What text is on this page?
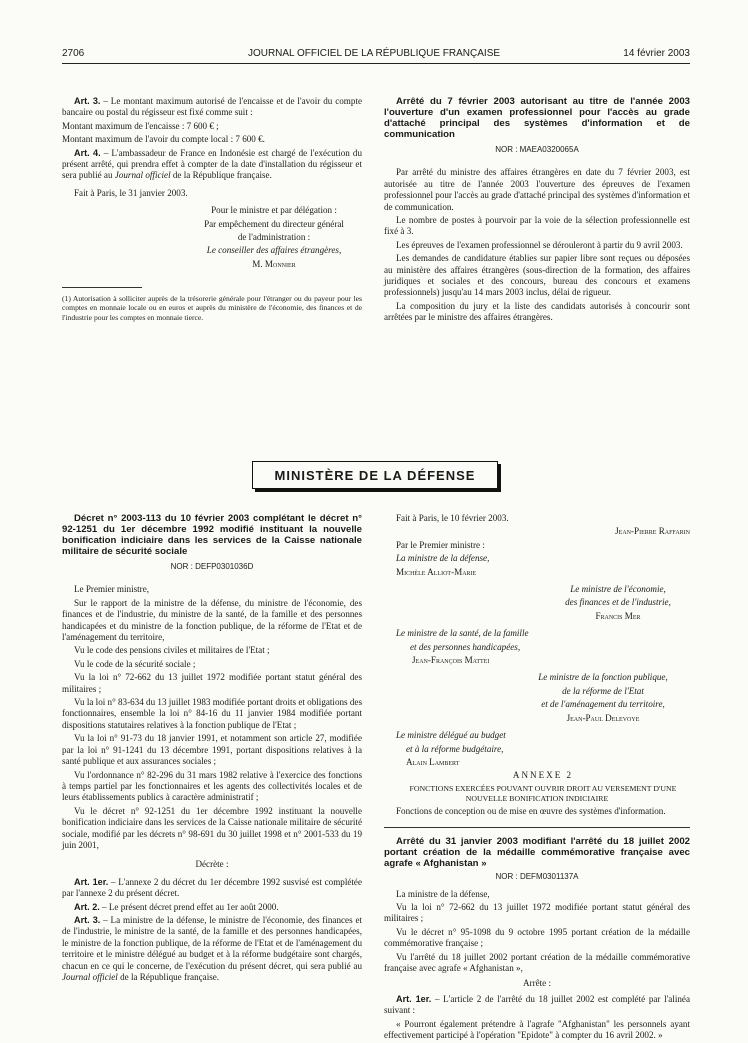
2706	JOURNAL OFFICIEL DE LA RÉPUBLIQUE FRANÇAISE	14 février 2003

Art. 3. – Le montant maximum autorisé de l'encaisse et de l'avoir du compte bancaire ou postal du régisseur est fixé comme suit :

Montant maximum de l'encaisse : 7 600 € ;

Montant maximum de l'avoir du compte local : 7 600 €.

Art. 4. – L'ambassadeur de France en Indonésie est chargé de l'exécution du présent arrêté, qui prendra effet à compter de la date d'installation du régisseur et sera publié au Journal officiel de la République française.

Fait à Paris, le 31 janvier 2003.

Pour le ministre et par délégation :

Par empêchement du directeur général

de l'administration :

Le conseiller des affaires étrangères,

M. Monnier

(1) Autorisation à solliciter auprès de la trésorerie générale pour l'étranger ou du payeur pour les comptes en monnaie locale ou en euros et auprès du ministère de l'économie, des finances et de l'industrie pour les comptes en monnaie tierce.

Arrêté du 7 février 2003 autorisant au titre de l'année 2003 l'ouverture d'un examen professionnel pour l'accès au grade d'attaché principal des systèmes d'information et de communication

NOR : MAEA0320065A

Par arrêté du ministre des affaires étrangères en date du 7 février 2003, est autorisée au titre de l'année 2003 l'ouverture des épreuves de l'examen professionnel pour l'accès au grade d'attaché principal des systèmes d'information et de communication.

Le nombre de postes à pourvoir par la voie de la sélection professionnelle est fixé à 3.

Les épreuves de l'examen professionnel se dérouleront à partir du 9 avril 2003.

Les demandes de candidature établies sur papier libre sont reçues ou déposées au ministère des affaires étrangères (sous-direction de la formation, des affaires juridiques et sociales et des concours, bureau des concours et examens professionnels) jusqu'au 14 mars 2003 inclus, délai de rigueur.

La composition du jury et la liste des candidats autorisés à concourir sont arrêtées par le ministre des affaires étrangères.

MINISTÈRE DE LA DÉFENSE

Décret n° 2003-113 du 10 février 2003 complétant le décret n° 92-1251 du 1er décembre 1992 modifié instituant la nouvelle bonification indiciaire dans les services de la Caisse nationale militaire de sécurité sociale

NOR : DEFP0301036D

Le Premier ministre,

Sur le rapport de la ministre de la défense, du ministre de l'économie, des finances et de l'industrie, du ministre de la santé, de la famille et des personnes handicapées et du ministre de la fonction publique, de la réforme de l'Etat et de l'aménagement du territoire,

Vu le code des pensions civiles et militaires de l'Etat ;

Vu le code de la sécurité sociale ;

Vu la loi n° 72-662 du 13 juillet 1972 modifiée portant statut général des militaires ;

Vu la loi n° 83-634 du 13 juillet 1983 modifiée portant droits et obligations des fonctionnaires, ensemble la loi n° 84-16 du 11 janvier 1984 modifiée portant dispositions statutaires relatives à la fonction publique de l'Etat ;

Vu la loi n° 91-73 du 18 janvier 1991, et notamment son article 27, modifiée par la loi n° 91-1241 du 13 décembre 1991, portant dispositions relatives à la santé publique et aux assurances sociales ;

Vu l'ordonnance n° 82-296 du 31 mars 1982 relative à l'exercice des fonctions à temps partiel par les fonctionnaires et les agents des collectivités locales et de leurs établissements publics à caractère administratif ;

Vu le décret n° 92-1251 du 1er décembre 1992 instituant la nouvelle bonification indiciaire dans les services de la Caisse nationale militaire de sécurité sociale, modifié par les décrets n° 98-691 du 30 juillet 1998 et n° 2001-533 du 19 juin 2001,

Décrète :

Art. 1er. – L'annexe 2 du décret du 1er décembre 1992 susvisé est complétée par l'annexe 2 du présent décret.

Art. 2. – Le présent décret prend effet au 1er août 2000.

Art. 3. – La ministre de la défense, le ministre de l'économie, des finances et de l'industrie, le ministre de la santé, de la famille et des personnes handicapées, le ministre de la fonction publique, de la réforme de l'Etat et de l'aménagement du territoire et le ministre délégué au budget et à la réforme budgétaire sont chargés, chacun en ce qui le concerne, de l'exécution du présent décret, qui sera publié au Journal officiel de la République française.

Fait à Paris, le 10 février 2003.

Jean-Pierre Raffarin

Par le Premier ministre :

La ministre de la défense,

Michèle Alliot-Marie

Le ministre de l'économie,

des finances et de l'industrie,

Francis Mer

Le ministre de la santé, de la famille

et des personnes handicapées,

Jean-François Mattei

Le ministre de la fonction publique,

de la réforme de l'Etat

et de l'aménagement du territoire,

Jean-Paul Delevoye

Le ministre délégué au budget

et à la réforme budgétaire,

Alain Lambert

ANNEXE 2

FONCTIONS EXERCÉES POUVANT OUVRIR DROIT AU VERSEMENT D'UNE NOUVELLE BONIFICATION INDICIAIRE

Fonctions de conception ou de mise en œuvre des systèmes d'information.

Arrêté du 31 janvier 2003 modifiant l'arrêté du 18 juillet 2002 portant création de la médaille commémorative française avec agrafe « Afghanistan »

NOR : DEFM0301137A

La ministre de la défense,

Vu la loi n° 72-662 du 13 juillet 1972 modifiée portant statut général des militaires ;

Vu le décret n° 95-1098 du 9 octobre 1995 portant création de la médaille commémorative française ;

Vu l'arrêté du 18 juillet 2002 portant création de la médaille commémorative française avec agrafe « Afghanistan »,

Arrête :

Art. 1er. – L'article 2 de l'arrêté du 18 juillet 2002 est complété par l'alinéa suivant :

« Pourront également prétendre à l'agrafe "Afghanistan" les personnels ayant effectivement participé à l'opération "Epidote" à compter du 16 avril 2002. »
